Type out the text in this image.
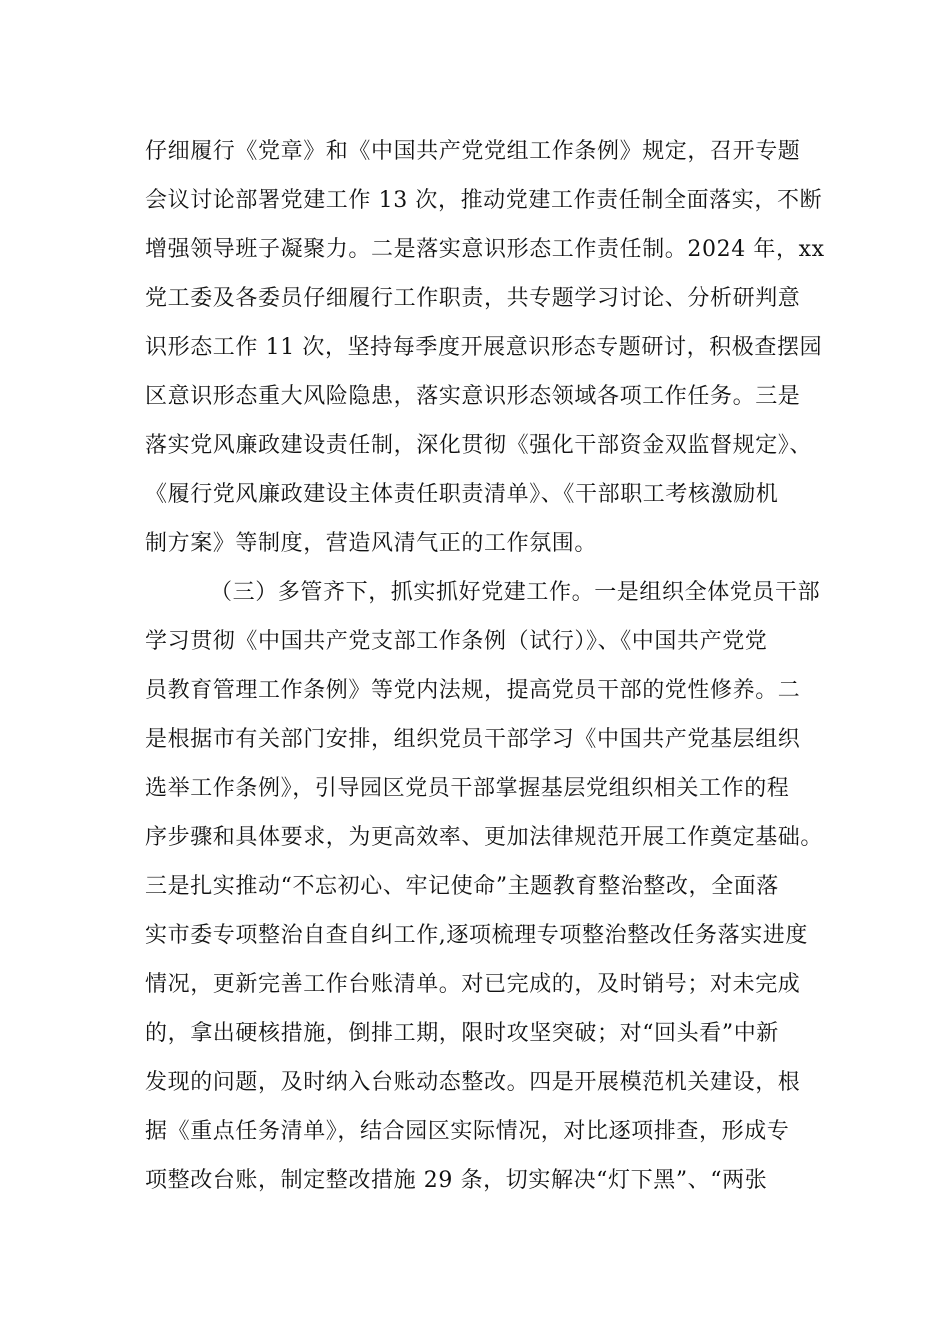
仔细履行《党章》和《中国共产党党组工作条例》规定，召开专题
会议讨论部署党建工作 13 次，推动党建工作责任制全面落实，不断
增强领导班子凝聚力。二是落实意识形态工作责任制。2024 年，xx
党工委及各委员仔细履行工作职责，共专题学习讨论、分析研判意
识形态工作 11 次，坚持每季度开展意识形态专题研讨，积极查摆园
区意识形态重大风险隐患，落实意识形态领域各项工作任务。三是
落实党风廉政建设责任制，深化贯彻《强化干部资金双监督规定》、
《履行党风廉政建设主体责任职责清单》、《干部职工考核激励机
制方案》等制度，营造风清气正的工作氛围。
（三）多管齐下，抓实抓好党建工作。一是组织全体党员干部
学习贯彻《中国共产党支部工作条例（试行）》、《中国共产党党
员教育管理工作条例》等党内法规，提高党员干部的党性修养。二
是根据市有关部门安排，组织党员干部学习《中国共产党基层组织
选举工作条例》，引导园区党员干部掌握基层党组织相关工作的程
序步骤和具体要求，为更高效率、更加法律规范开展工作奠定基础。
三是扎实推动“不忘初心、牢记使命”主题教育整治整改，全面落
实市委专项整治自查自纠工作,逐项梳理专项整治整改任务落实进度
情况，更新完善工作台账清单。对已完成的，及时销号；对未完成
的，拿出硬核措施，倒排工期，限时攻坚突破；对“回头看”中新
发现的问题，及时纳入台账动态整改。四是开展模范机关建设，根
据《重点任务清单》，结合园区实际情况，对比逐项排查，形成专
项整改台账，制定整改措施 29 条，切实解决“灯下黑”、“两张
